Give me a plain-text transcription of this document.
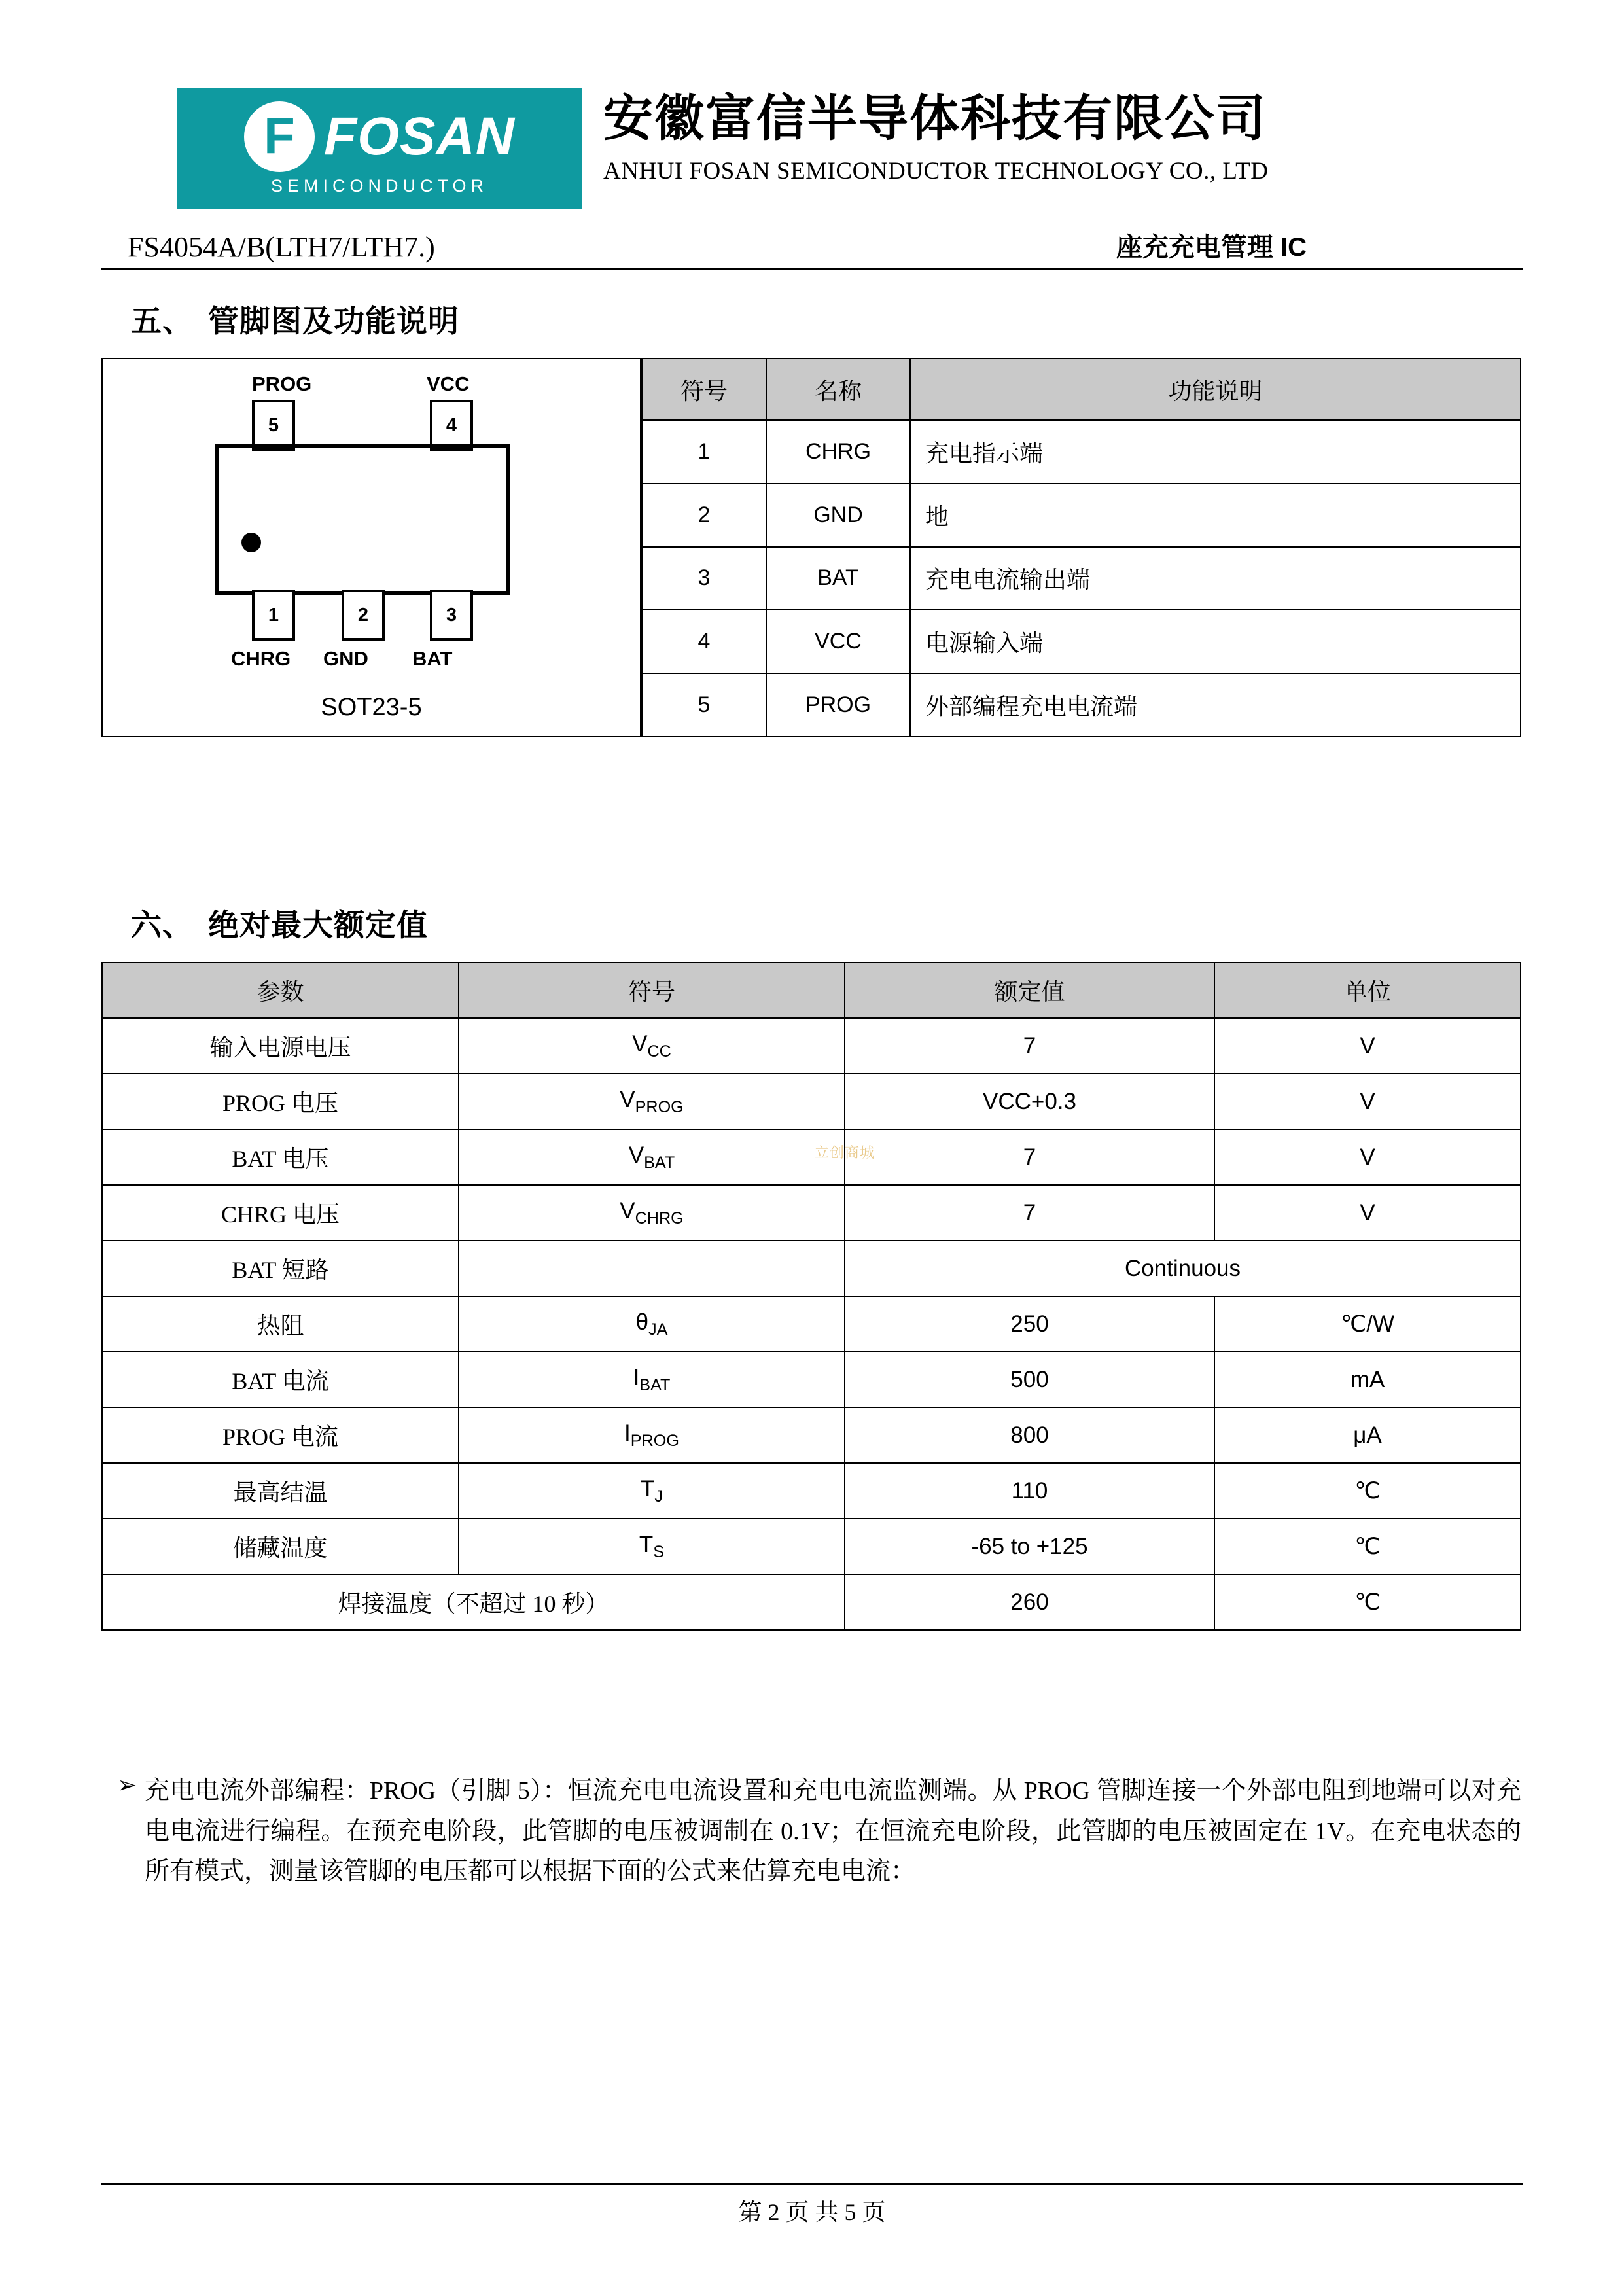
F FOSAN
SEMICONDUCTOR
安徽富信半导体科技有限公司
ANHUI FOSAN SEMICONDUCTOR TECHNOLOGY CO., LTD
FS4054A/B(LTH7/LTH7.)	座充充电管理 IC
五、 管脚图及功能说明
PROG	VCC
5	4
1	2	3
CHRG GND BAT
SOT23-5
符号	名称	功能说明
1	CHRG	充电指示端
2	GND	地
3	BAT	充电电流输出端
4	VCC	电源输入端
5	PROG	外部编程充电电流端
六、 绝对最大额定值
参数	符号	额定值	单位
输入电源电压	$V_{CC}$	7	V
PROG 电压	$V_{PROG}$	VCC+0.3	V
BAT 电压	$V_{BAT}$	7	V
CHRG 电压	$V_{CHRG}$	7	V
BAT 短路		Continuous	
热阻	$\theta_{JA}$	250	℃/W
BAT 电流	$I_{BAT}$	500	mA
PROG 电流	$I_{PROG}$	800	μA
最高结温	$T_J$	110	℃
储藏温度	$T_S$	-65 to +125	℃
焊接温度（不超过 10 秒）		260	℃
立创商城
➢ 充电电流外部编程：PROG（引脚 5）：恒流充电电流设置和充电电流监测端。从 PROG 管脚连接一个外部电阻到地端可以对充电电流进行编程。在预充电阶段，此管脚的电压被调制在 0.1V；在恒流充电阶段，此管脚的电压被固定在 1V。在充电状态的所有模式，测量该管脚的电压都可以根据下面的公式来估算充电电流：
第 2 页 共 5 页
